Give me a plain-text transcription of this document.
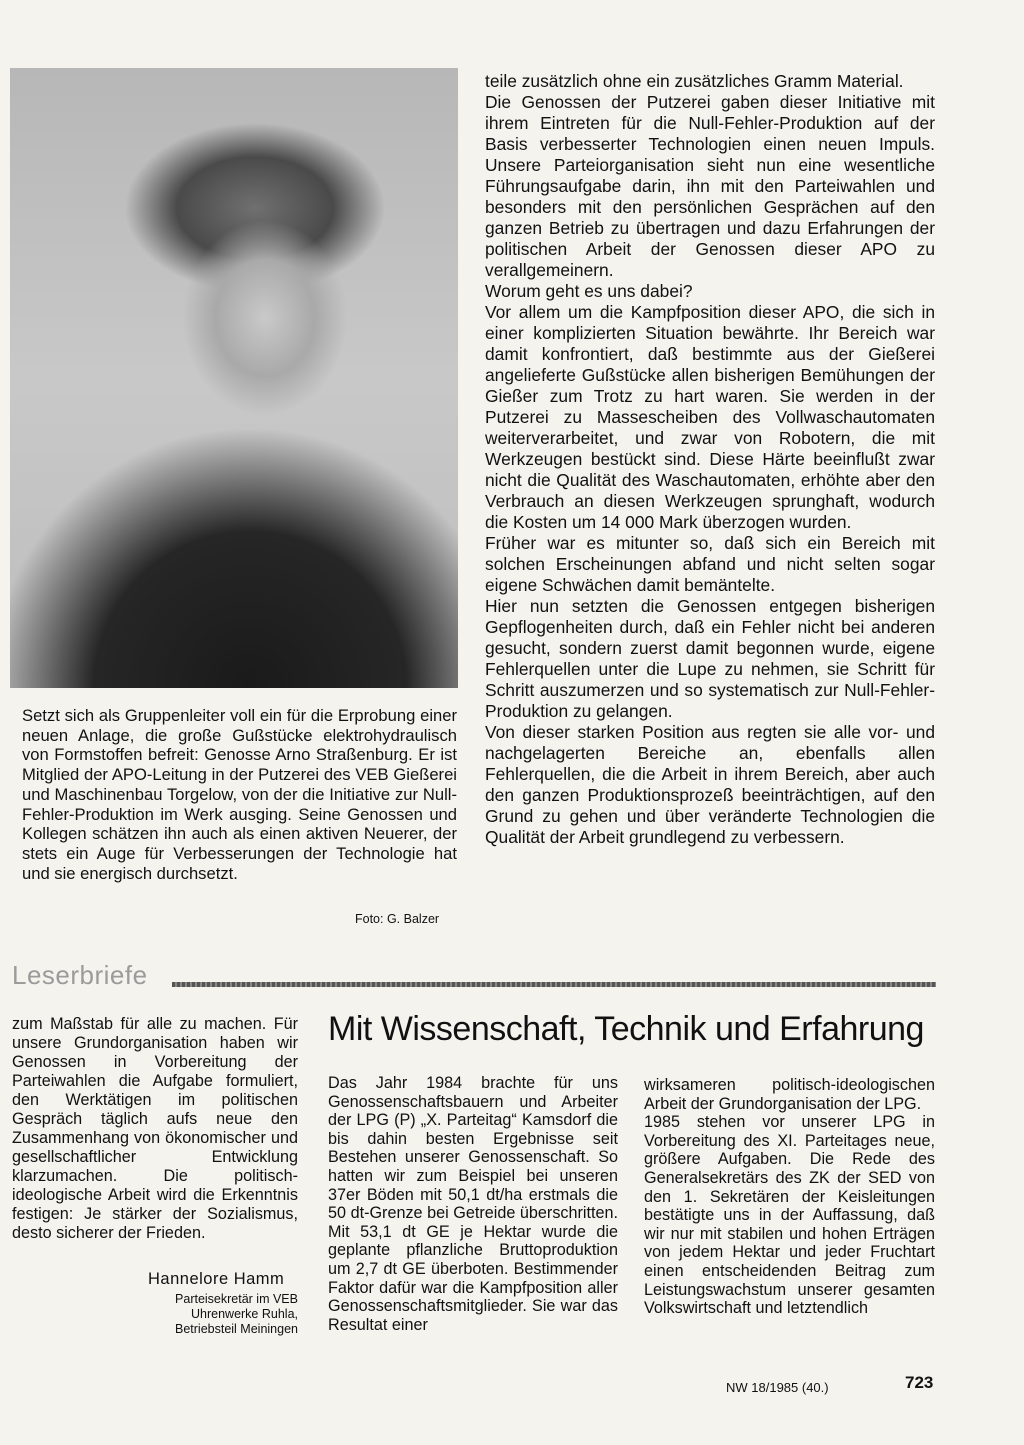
teile zusätzlich ohne ein zusätzliches Gramm Material.

Die Genossen der Putzerei gaben dieser Initiative mit ihrem Eintreten für die Null-Fehler-Produktion auf der Basis verbesserter Technologien einen neuen Impuls. Unsere Parteiorganisation sieht nun eine wesentliche Führungsaufgabe darin, ihn mit den Parteiwahlen und besonders mit den persönlichen Gesprächen auf den ganzen Betrieb zu übertragen und dazu Erfahrungen der politischen Arbeit der Genossen dieser APO zu verallgemeinern.

Worum geht es uns dabei?

Vor allem um die Kampfposition dieser APO, die sich in einer komplizierten Situation bewährte. Ihr Bereich war damit konfrontiert, daß bestimmte aus der Gießerei angelieferte Gußstücke allen bisherigen Bemühungen der Gießer zum Trotz zu hart waren. Sie werden in der Putzerei zu Massescheiben des Vollwaschautomaten weiterverarbeitet, und zwar von Robotern, die mit Werkzeugen bestückt sind. Diese Härte beeinflußt zwar nicht die Qualität des Waschautomaten, erhöhte aber den Verbrauch an diesen Werkzeugen sprunghaft, wodurch die Kosten um 14 000 Mark überzogen wurden.

Früher war es mitunter so, daß sich ein Bereich mit solchen Erscheinungen abfand und nicht selten sogar eigene Schwächen damit bemäntelte.

Hier nun setzten die Genossen entgegen bisherigen Gepflogenheiten durch, daß ein Fehler nicht bei anderen gesucht, sondern zuerst damit begonnen wurde, eigene Fehlerquellen unter die Lupe zu nehmen, sie Schritt für Schritt auszumerzen und so systematisch zur Null-Fehler-Produktion zu gelangen.

Von dieser starken Position aus regten sie alle vor- und nachgelagerten Bereiche an, ebenfalls allen Fehlerquellen, die die Arbeit in ihrem Bereich, aber auch den ganzen Produktionsprozeß beeinträchtigen, auf den Grund zu gehen und über veränderte Technologien die Qualität der Arbeit grundlegend zu verbessern.

Setzt sich als Gruppenleiter voll ein für die Erprobung einer neuen Anlage, die große Gußstücke elektrohydraulisch von Formstoffen befreit: Genosse Arno Straßenburg. Er ist Mitglied der APO-Leitung in der Putzerei des VEB Gießerei und Maschinenbau Torgelow, von der die Initiative zur Null-Fehler-Produktion im Werk ausging. Seine Genossen und Kollegen schätzen ihn auch als einen aktiven Neuerer, der stets ein Auge für Verbesserungen der Technologie hat und sie energisch durchsetzt.
Foto: G. Balzer
Leserbriefe
zum Maßstab für alle zu machen. Für unsere Grundorganisation haben wir Genossen in Vorbereitung der Parteiwahlen die Aufgabe formuliert, den Werktätigen im politischen Gespräch täglich aufs neue den Zusammenhang von ökonomischer und gesellschaftlicher Entwicklung klarzumachen. Die politisch-ideologische Arbeit wird die Erkenntnis festigen: Je stärker der Sozialismus, desto sicherer der Frieden.
Hannelore Hamm
Parteisekretär im VEB Uhrenwerke Ruhla, Betriebsteil Meiningen
Mit Wissenschaft, Technik und Erfahrung
Das Jahr 1984 brachte für uns Genossenschaftsbauern und Arbeiter der LPG (P) „X. Parteitag“ Kamsdorf die bis dahin besten Ergebnisse seit Bestehen unserer Genossenschaft. So hatten wir zum Beispiel bei unseren 37er Böden mit 50,1 dt/ha erstmals die 50 dt-Grenze bei Getreide überschritten. Mit 53,1 dt GE je Hektar wurde die geplante pflanzliche Bruttoproduktion um 2,7 dt GE überboten. Bestimmender Faktor dafür war die Kampfposition aller Genossenschaftsmitglieder. Sie war das Resultat einer

wirksameren politisch-ideologischen Arbeit der Grundorganisation der LPG.

1985 stehen vor unserer LPG in Vorbereitung des XI. Parteitages neue, größere Aufgaben. Die Rede des Generalsekretärs des ZK der SED von den 1. Sekretären der Keisleitungen bestätigte uns in der Auffassung, daß wir nur mit stabilen und hohen Erträgen von jedem Hektar und jeder Fruchtart einen entscheidenden Beitrag zum Leistungswachstum unserer gesamten Volkswirtschaft und letztendlich

NW 18/1985 (40.)	723
